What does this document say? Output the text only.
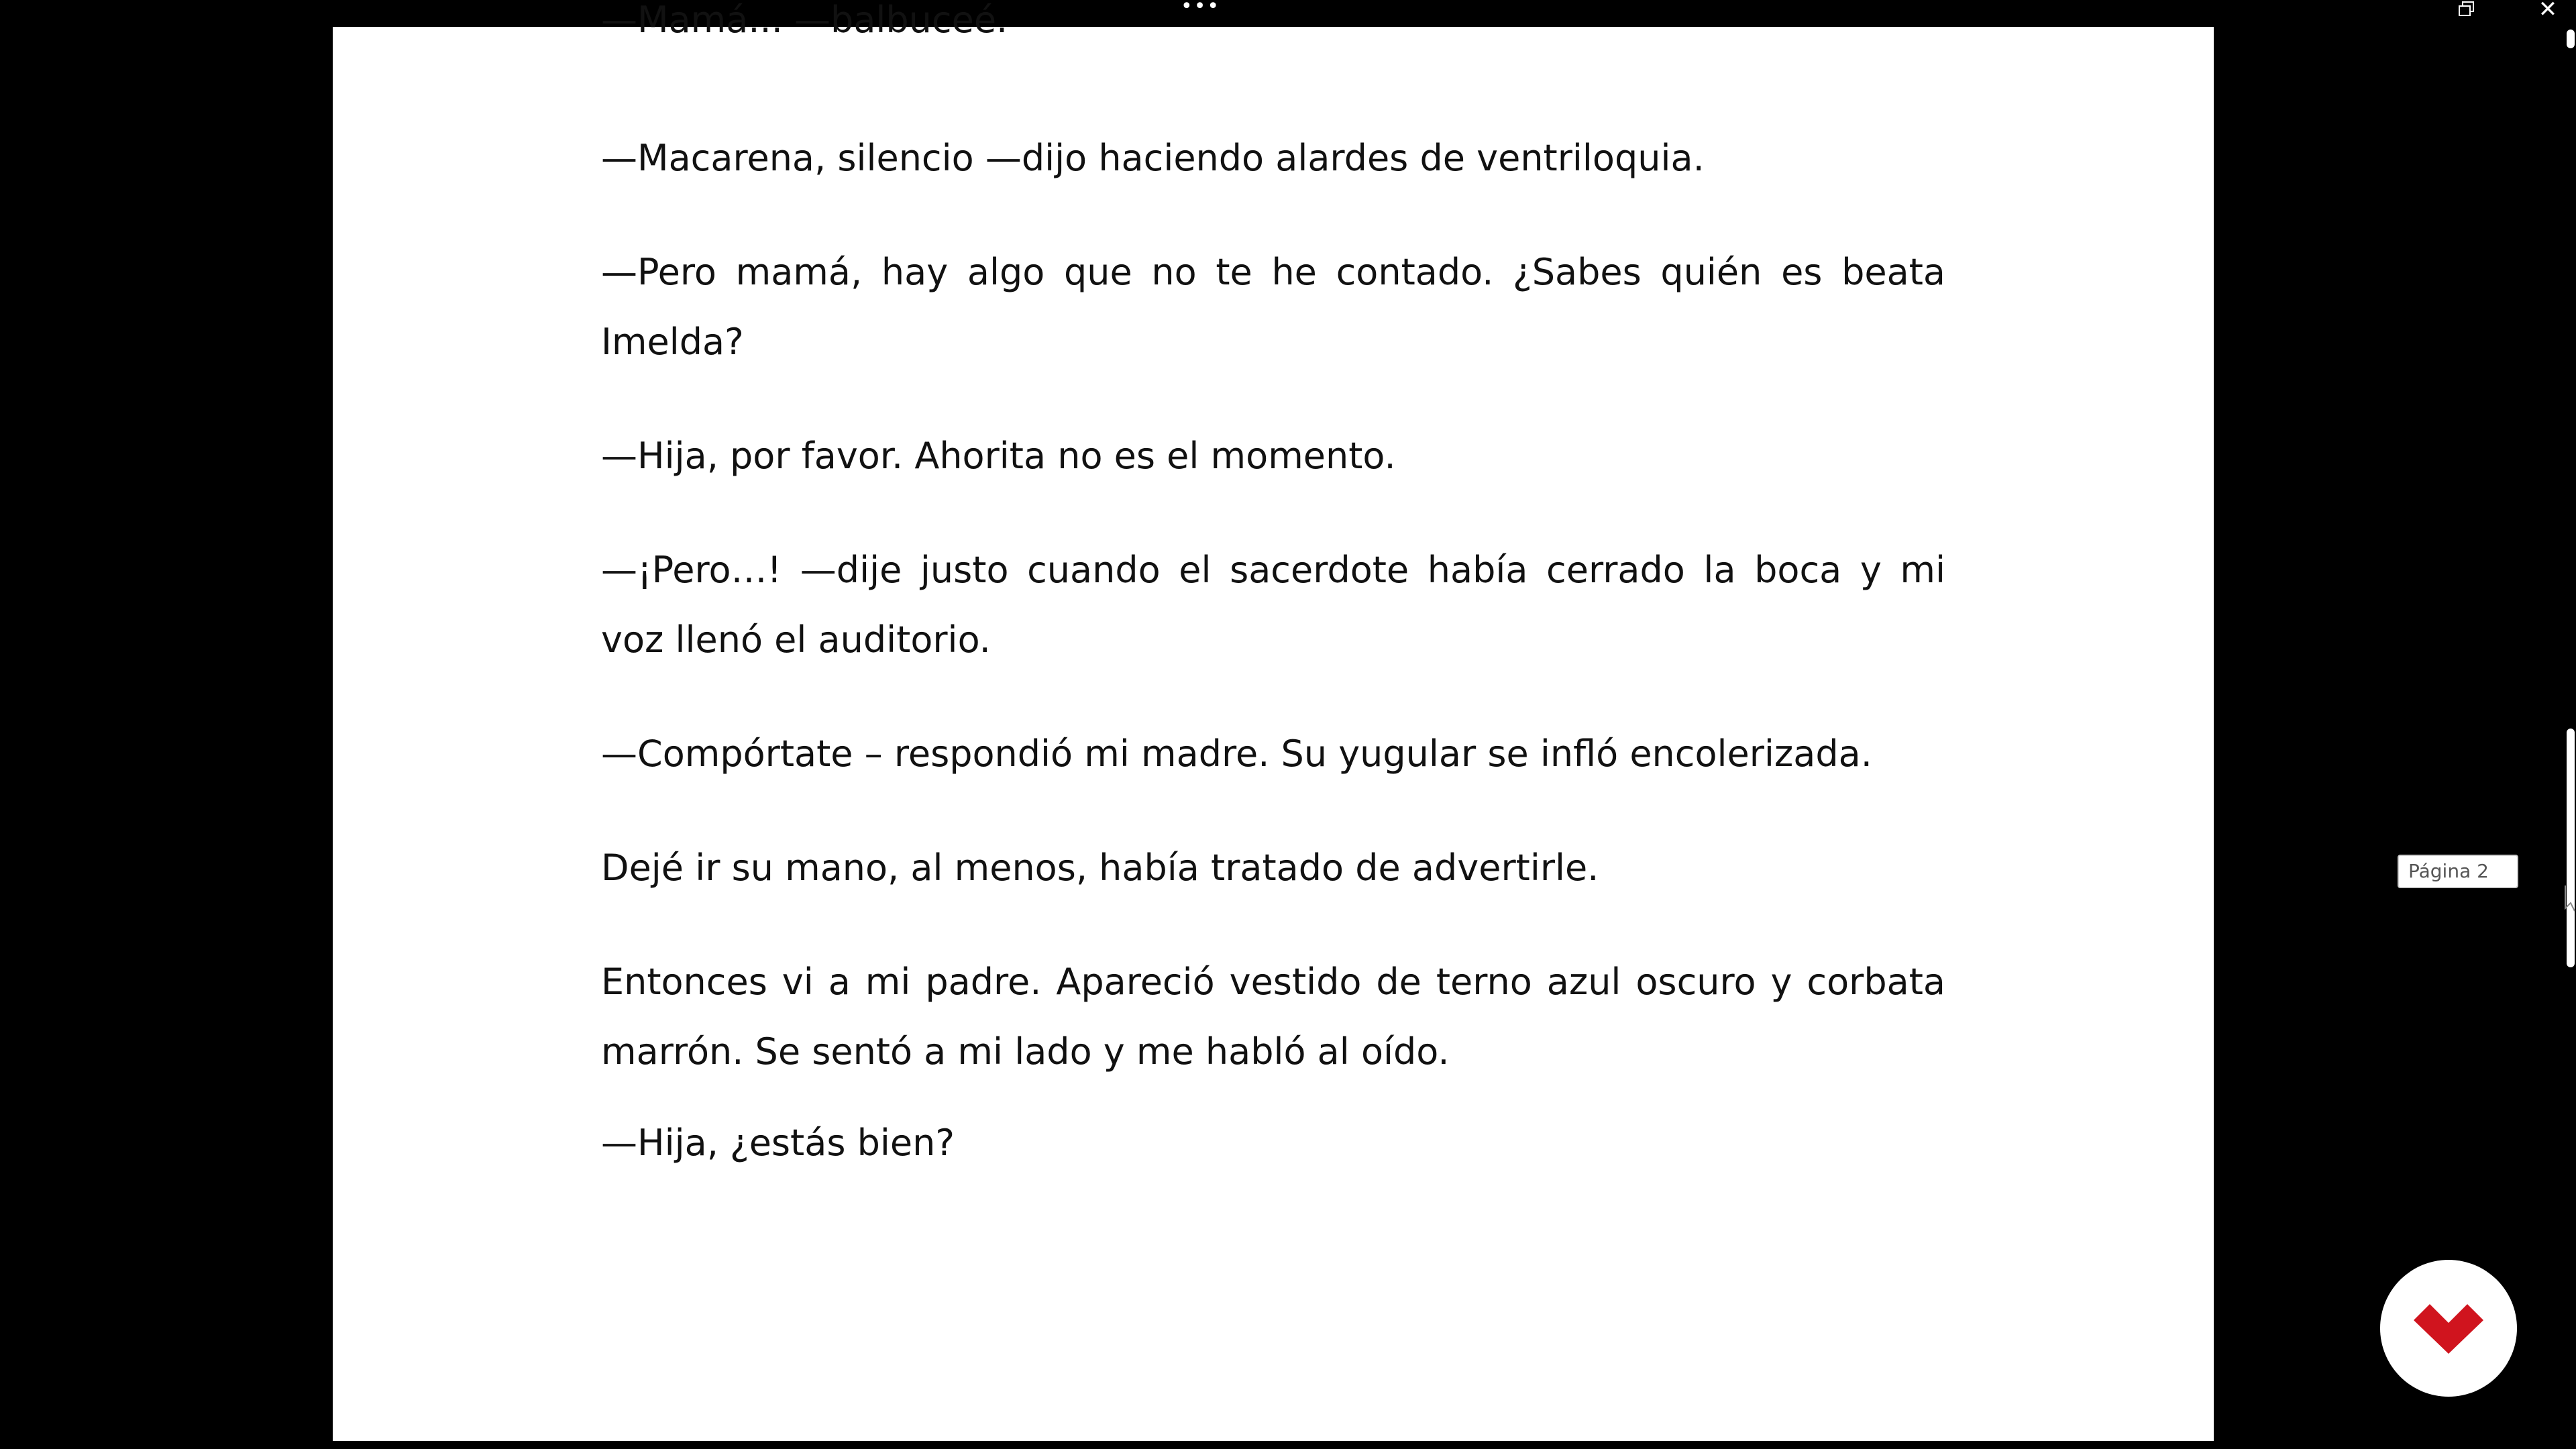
•••	✕

—Mamá... —balbuceé.

—Macarena, silencio —dijo haciendo alardes de ventriloquia.

—Pero mamá, hay algo que no te he contado. ¿Sabes quién es beata
Imelda?

—Hija, por favor. Ahorita no es el momento.

—¡Pero…! —dije justo cuando el sacerdote había cerrado la boca y mi
voz llenó el auditorio.

—Compórtate – respondió mi madre. Su yugular se infló encolerizada.

Dejé ir su mano, al menos, había tratado de advertirle.

Entonces vi a mi padre. Apareció vestido de terno azul oscuro y corbata
marrón. Se sentó a mi lado y me habló al oído.

—Hija, ¿estás bien?

Página 2
